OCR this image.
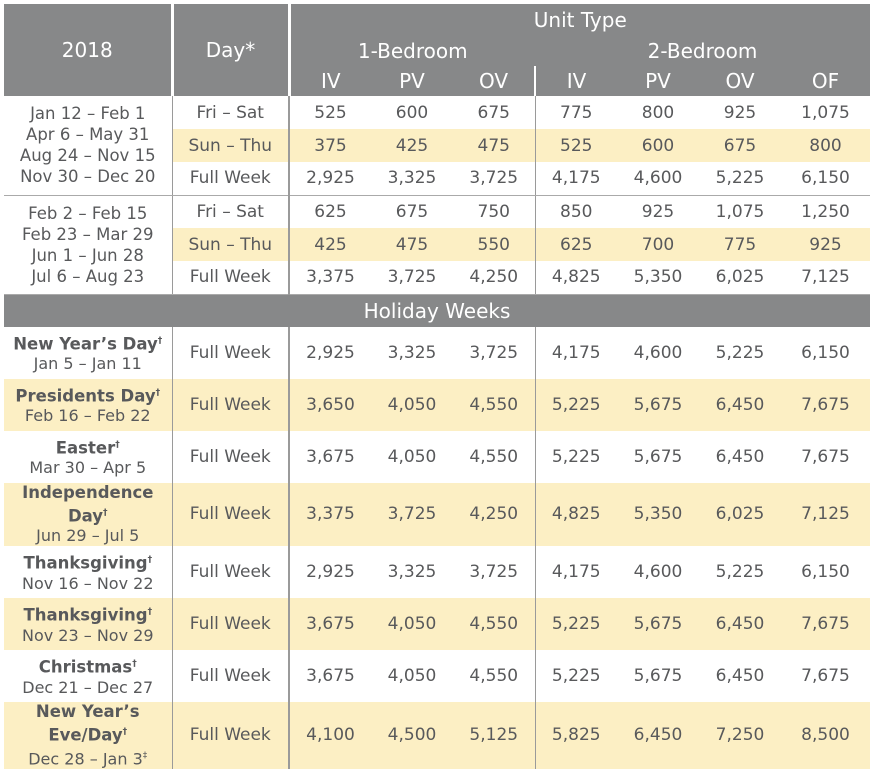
2018	Day*	Unit Type						
		1-Bedroom			2-Bedroom			
		IV	PV	OV	IV	PV	OV	OF

Jan 12 – Feb 1
Apr 6 – May 31
Aug 24 – Nov 15
Nov 30 – Dec 20	Fri – Sat	525	600	675	775	800	925	1,075
	Sun – Thu	375	425	475	525	600	675	800
	Full Week	2,925	3,325	3,725	4,175	4,600	5,225	6,150

Feb 2 – Feb 15
Feb 23 – Mar 29
Jun 1 – Jun 28
Jul 6 – Aug 23	Fri – Sat	625	675	750	850	925	1,075	1,250
	Sun – Thu	425	475	550	625	700	775	925
	Full Week	3,375	3,725	4,250	4,825	5,350	6,025	7,125
Holiday Weeks								

New Year’s Day†
Jan 5 – Jan 11	Full Week	2,925	3,325	3,725	4,175	4,600	5,225	6,150

Presidents Day†
Feb 16 – Feb 22	Full Week	3,650	4,050	4,550	5,225	5,675	6,450	7,675

Easter†
Mar 30 – Apr 5	Full Week	3,675	4,050	4,550	5,225	5,675	6,450	7,675

Independence Day†
Jun 29 – Jul 5	Full Week	3,375	3,725	4,250	4,825	5,350	6,025	7,125

Thanksgiving†
Nov 16 – Nov 22	Full Week	2,925	3,325	3,725	4,175	4,600	5,225	6,150

Thanksgiving†
Nov 23 – Nov 29	Full Week	3,675	4,050	4,550	5,225	5,675	6,450	7,675

Christmas†
Dec 21 – Dec 27	Full Week	3,675	4,050	4,550	5,225	5,675	6,450	7,675

New Year’s Eve/Day†
Dec 28 – Jan 3‡	Full Week	4,100	4,500	5,125	5,825	6,450	7,250	8,500
